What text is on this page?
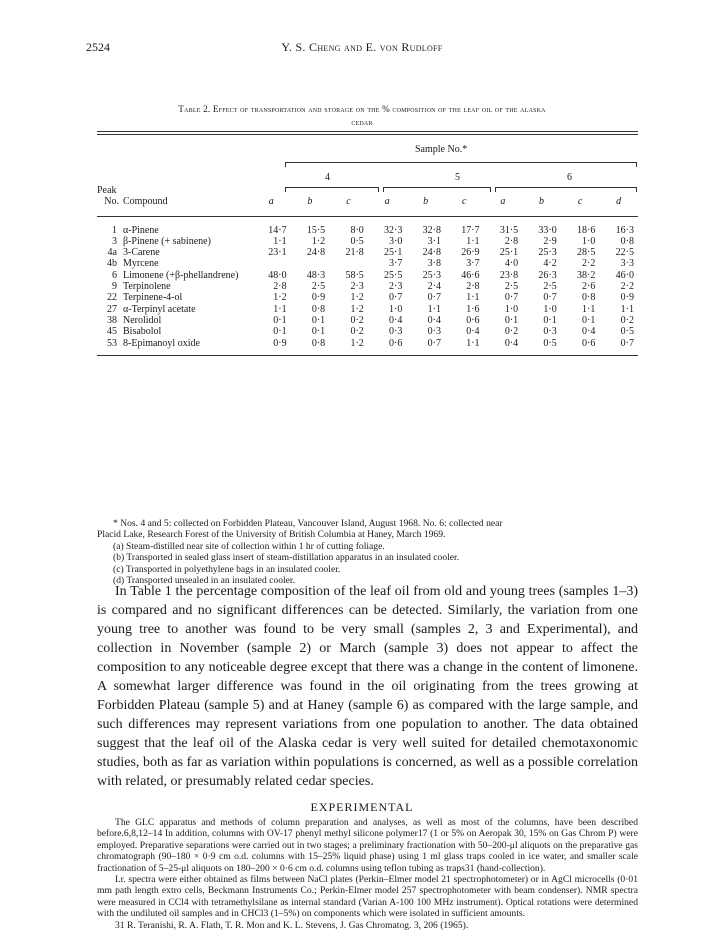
2524	Y. S. Cheng and E. von Rudloff
Table 2. Effect of transportation and storage on the % composition of the leaf oil of the alaska
cedar
Sample No.*
4	5	6

Peak											
No.	Compound	a	b	c	a	b	c	a	b	c	d

1	α-Pinene	14·7	15·5	8·0	32·3	32·8	17·7	31·5	33·0	18·6	16·3
3	β-Pinene (+ sabinene)	1·1	1·2	0·5	3·0	3·1	1·1	2·8	2·9	1·0	0·8
4a	3-Carene	23·1	24·8	21·8	25·1	24·8	26·9	25·1	25·3	28·5	22·5
4b	Myrcene				3·7	3·8	3·7	4·0	4·2	2·2	3·3
6	Limonene (+β-phellandrene)	48·0	48·3	58·5	25·5	25·3	46·6	23·8	26·3	38·2	46·0
9	Terpinolene	2·8	2·5	2·3	2·3	2·4	2·8	2·5	2·5	2·6	2·2
22	Terpinene-4-ol	1·2	0·9	1·2	0·7	0·7	1·1	0·7	0·7	0·8	0·9
27	α-Terpinyl acetate	1·1	0·8	1·2	1·0	1·1	1·6	1·0	1·0	1·1	1·1
38	Nerolidol	0·1	0·1	0·2	0·4	0·4	0·6	0·1	0·1	0·1	0·2
45	Bisabolol	0·1	0·1	0·2	0·3	0·3	0·4	0·2	0·3	0·4	0·5
53	8-Epimanoyl oxide	0·9	0·8	1·2	0·6	0·7	1·1	0·4	0·5	0·6	0·7

* Nos. 4 and 5: collected on Forbidden Plateau, Vancouver Island, August 1968. No. 6: collected near

Placid Lake, Research Forest of the University of British Columbia at Haney, March 1969.

(a) Steam-distilled near site of collection within 1 hr of cutting foliage.

(b) Transported in sealed glass insert of steam-distillation apparatus in an insulated cooler.

(c) Transported in polyethylene bags in an insulated cooler.

(d) Transported unsealed in an insulated cooler.

In Table 1 the percentage composition of the leaf oil from old and young trees (samples 1–3) is compared and no significant differences can be detected. Similarly, the variation from one young tree to another was found to be very small (samples 2, 3 and Experimental), and collection in November (sample 2) or March (sample 3) does not appear to affect the composition to any noticeable degree except that there was a change in the content of limonene. A somewhat larger difference was found in the oil originating from the trees growing at Forbidden Plateau (sample 5) and at Haney (sample 6) as compared with the large sample, and such differences may represent variations from one population to another. The data obtained suggest that the leaf oil of the Alaska cedar is very well suited for detailed chemotaxonomic studies, both as far as variation within populations is concerned, as well as a possible correlation with related, or presumably related cedar species.

EXPERIMENTAL

The GLC apparatus and methods of column preparation and analyses, as well as most of the columns, have been described before.6,8,12–14 In addition, columns with OV-17 phenyl methyl silicone polymer17 (1 or 5% on Aeropak 30, 15% on Gas Chrom P) were employed. Preparative separations were carried out in two stages; a preliminary fractionation with 50–200-μl aliquots on the preparative gas chromatograph (90–180 × 0·9 cm o.d. columns with 15–25% liquid phase) using 1 ml glass traps cooled in ice water, and smaller scale fractionation of 5–25-μl aliquots on 180–200 × 0·6 cm o.d. columns using teflon tubing as traps31 (hand-collection).

I.r. spectra were either obtained as films between NaCl plates (Perkin–Elmer model 21 spectrophotometer) or in AgCl microcells (0·01 mm path length extro cells, Beckmann Instruments Co.; Perkin-Elmer model 257 spectrophotometer with beam condenser). NMR spectra were measured in CCl4 with tetramethylsilane as internal standard (Varian A-100 100 MHz instrument). Optical rotations were determined with the undiluted oil samples and in CHCl3 (1–5%) on components which were isolated in sufficient amounts.

31 R. Teranishi, R. A. Flath, T. R. Mon and K. L. Stevens, J. Gas Chromatog. 3, 206 (1965).
